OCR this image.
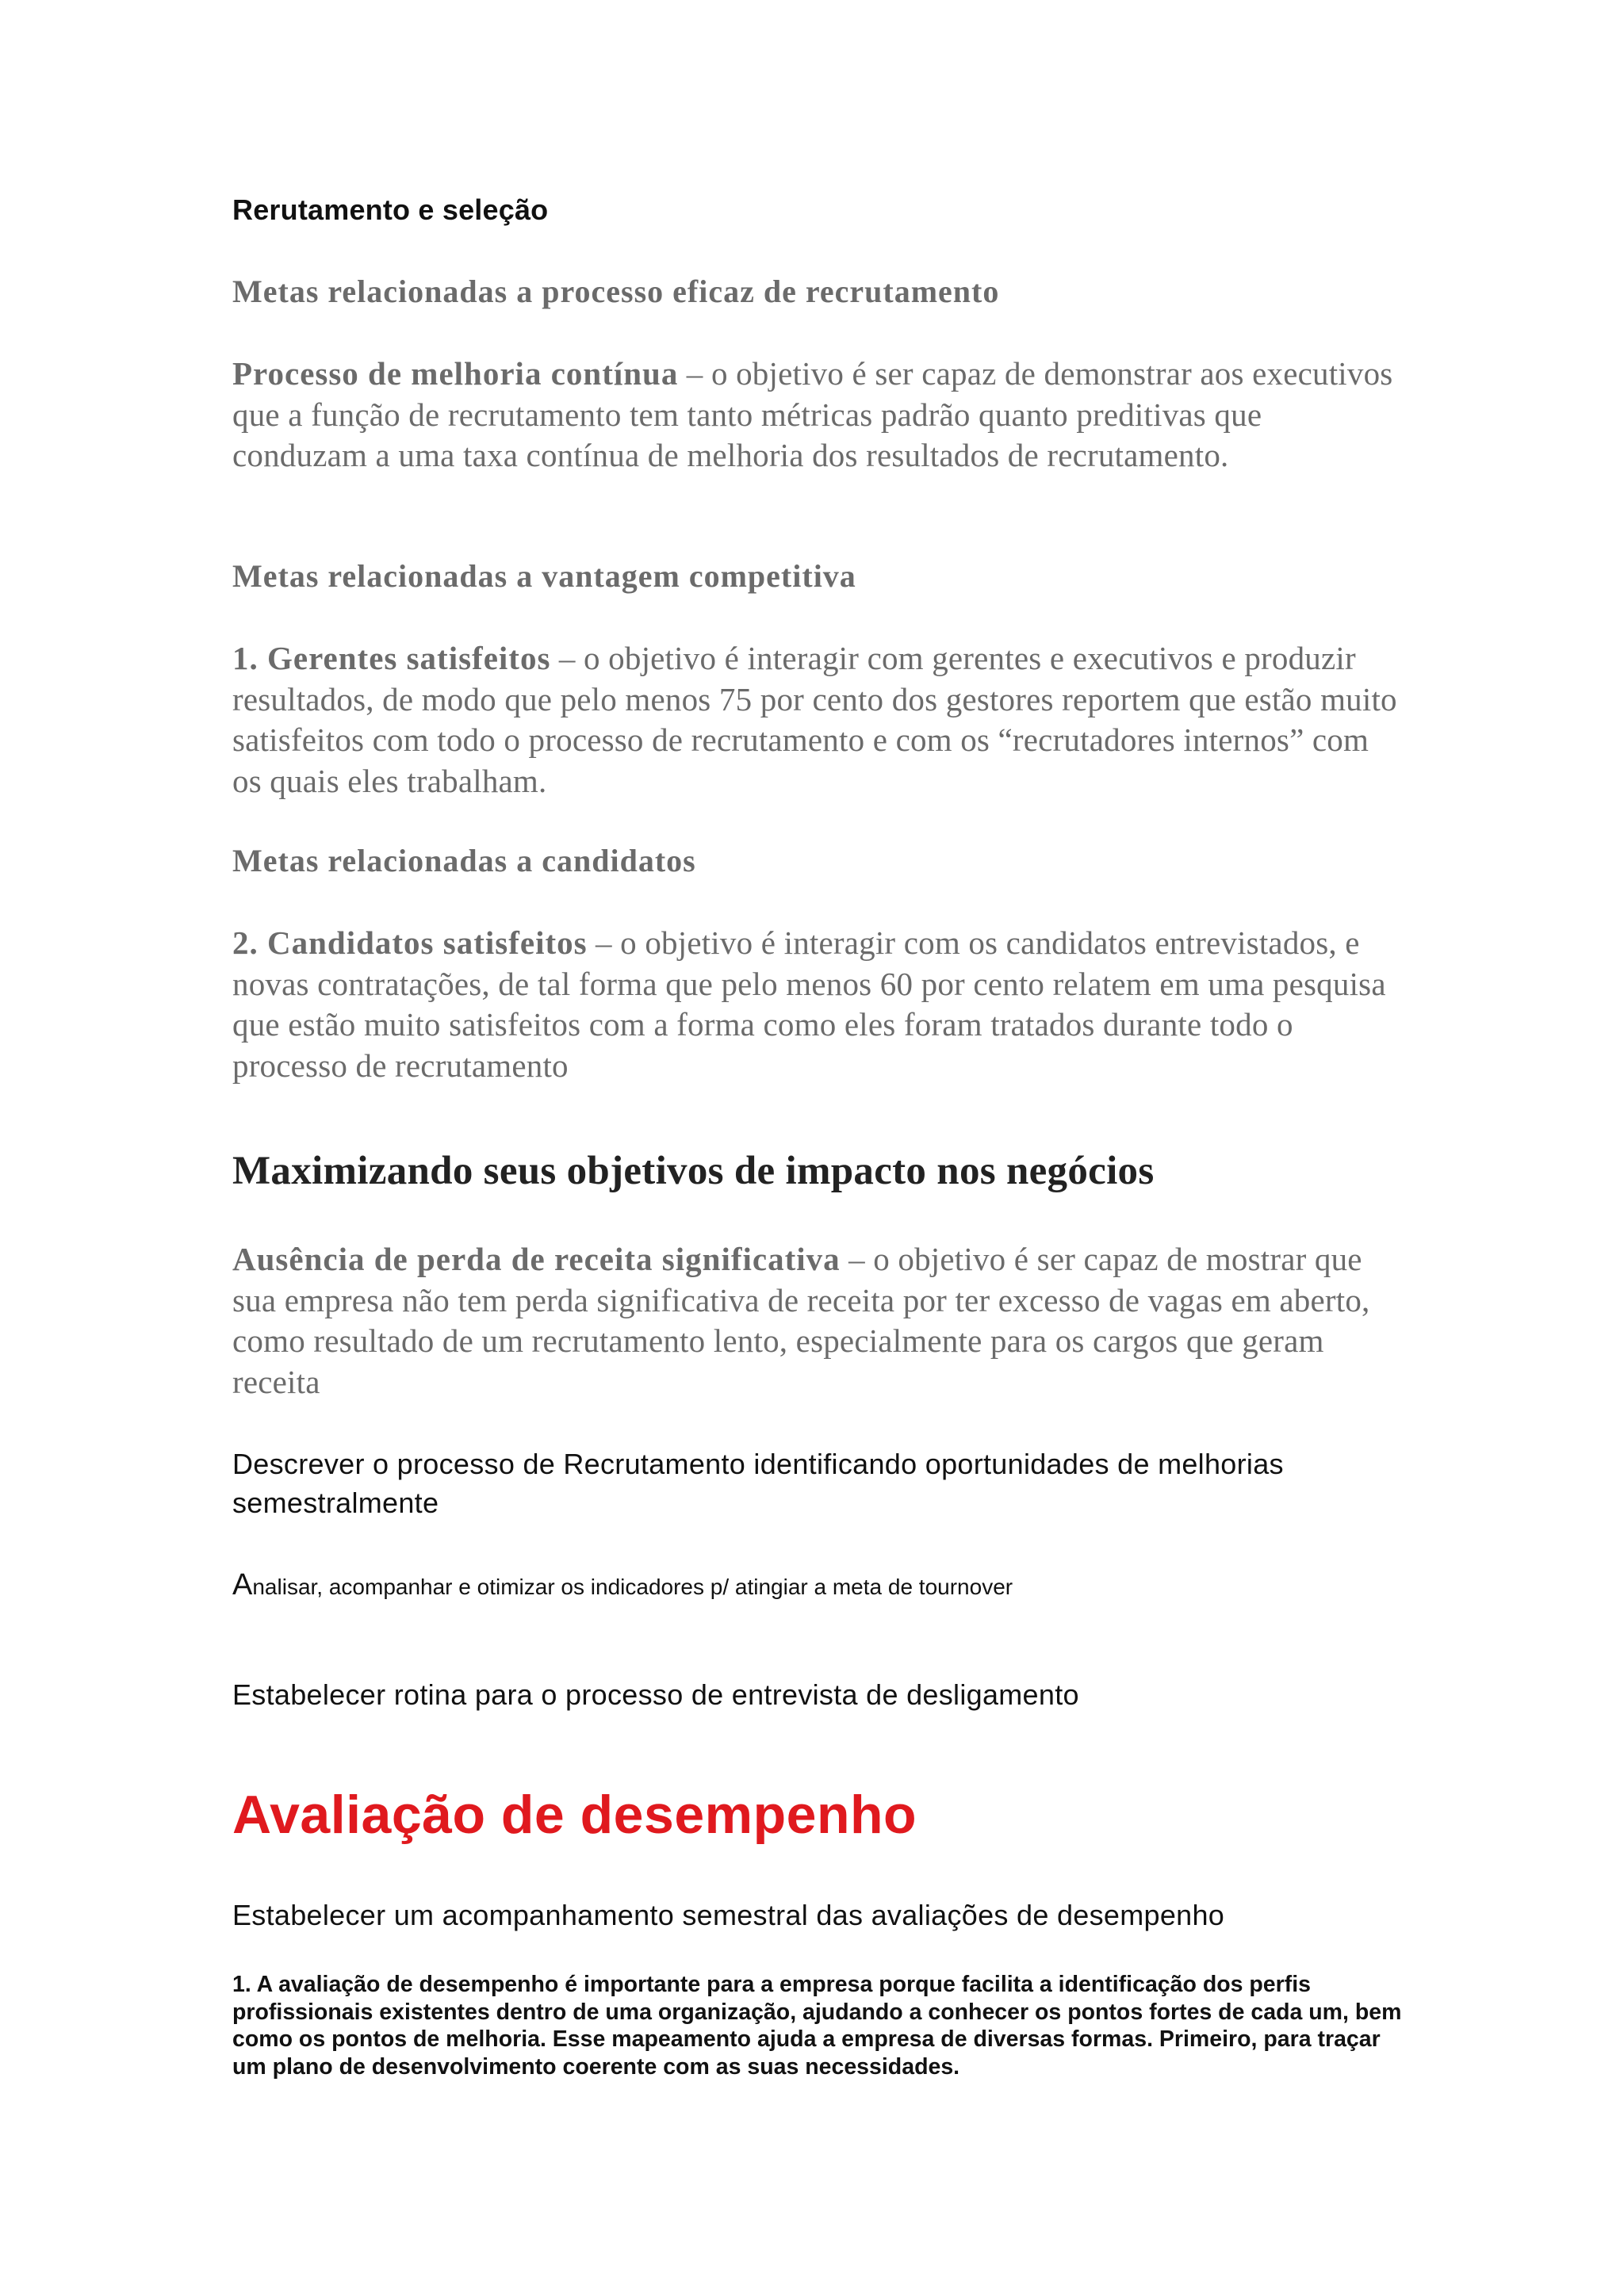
Rerutamento e seleção

Metas relacionadas a processo eficaz de recrutamento

Processo de melhoria contínua – o objetivo é ser capaz de demonstrar aos executivos que a função de recrutamento tem tanto métricas padrão quanto preditivas que conduzam a uma taxa contínua de melhoria dos resultados de recrutamento.

Metas relacionadas a vantagem competitiva

1. Gerentes satisfeitos – o objetivo é interagir com gerentes e executivos e produzir resultados, de modo que pelo menos 75 por cento dos gestores reportem que estão muito satisfeitos com todo o processo de recrutamento e com os “recrutadores internos” com os quais eles trabalham.

Metas relacionadas a candidatos

2. Candidatos satisfeitos – o objetivo é interagir com os candidatos entrevistados, e novas contratações, de tal forma que pelo menos 60 por cento relatem em uma pesquisa que estão muito satisfeitos com a forma como eles foram tratados durante todo o processo de recrutamento

Maximizando seus objetivos de impacto nos negócios

Ausência de perda de receita significativa – o objetivo é ser capaz de mostrar que sua empresa não tem perda significativa de receita por ter excesso de vagas em aberto, como resultado de um recrutamento lento, especialmente para os cargos que geram receita

Descrever o processo de Recrutamento identificando oportunidades de melhorias semestralmente

Analisar, acompanhar e otimizar os indicadores p/ atingiar a meta de tournover

Estabelecer rotina para o processo de entrevista de desligamento

Avaliação de desempenho

Estabelecer um acompanhamento semestral das avaliações de desempenho

1. A avaliação de desempenho é importante para a empresa porque facilita a identificação dos perfis profissionais existentes dentro de uma organização, ajudando a conhecer os pontos fortes de cada um, bem como os pontos de melhoria. Esse mapeamento ajuda a empresa de diversas formas. Primeiro, para traçar um plano de desenvolvimento coerente com as suas necessidades.
